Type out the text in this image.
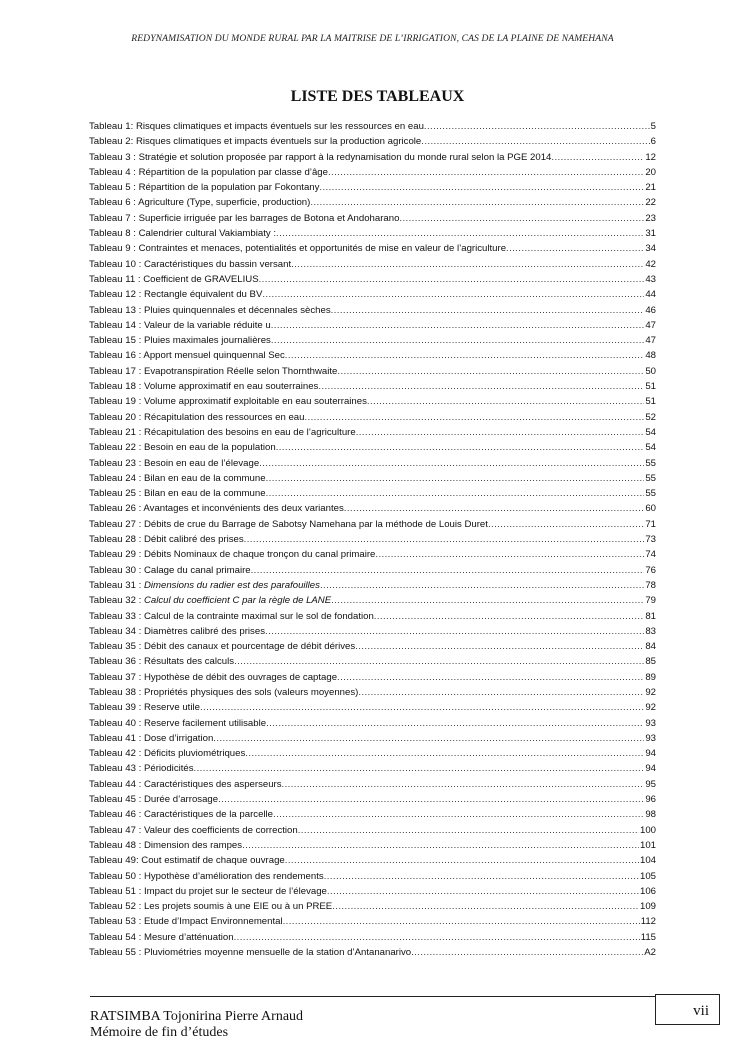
REDYNAMISATION DU MONDE RURAL PAR LA MAITRISE DE L’IRRIGATION, CAS DE LA PLAINE DE NAMEHANA
LISTE DES TABLEAUX
Tableau 1: Risques climatiques et impacts éventuels sur les ressources en eau .....	5
Tableau 2: Risques climatiques et impacts éventuels sur la production agricole .....	6
Tableau 3 : Stratégie et solution proposée par rapport à la redynamisation du monde rural selon la PGE 2014 .....	12
Tableau 4 : Répartition de la population par classe d’âge .....	20
Tableau 5 : Répartition de la population par Fokontany .....	21
Tableau 6 : Agriculture (Type, superficie, production) .....	22
Tableau 7 : Superficie irriguée par les barrages de Botona et Andoharano .....	23
Tableau 8 : Calendrier cultural Vakiambiaty : .....	31
Tableau 9 : Contraintes et menaces, potentialités et opportunités de mise en valeur de l’agriculture .....	34
Tableau 10 : Caractéristiques du bassin versant .....	42
Tableau 11 : Coefficient de GRAVELIUS .....	43
Tableau 12 : Rectangle équivalent du BV .....	44
Tableau 13 : Pluies quinquennales et décennales sèches .....	46
Tableau 14 : Valeur de la variable réduite u .....	47
Tableau 15 : Pluies maximales journalières .....	47
Tableau 16 : Apport mensuel quinquennal Sec .....	48
Tableau 17 : Evapotranspiration Réelle selon Thornthwaite .....	50
Tableau 18 : Volume approximatif en eau souterraines .....	51
Tableau 19 : Volume approximatif exploitable en eau souterraines .....	51
Tableau 20 : Récapitulation des ressources en eau .....	52
Tableau 21 : Récapitulation des besoins en eau de l’agriculture .....	54
Tableau 22 : Besoin en eau de la population .....	54
Tableau 23 : Besoin en eau de l’élevage .....	55
Tableau 24 : Bilan en eau de la commune .....	55
Tableau 25 : Bilan en eau de la commune .....	55
Tableau 26 : Avantages et inconvénients des deux variantes .....	60
Tableau 27 : Débits de crue du Barrage de Sabotsy Namehana par la méthode de Louis Duret .....	71
Tableau 28 : Débit calibré des prises .....	73
Tableau 29 : Débits Nominaux de chaque tronçon du canal primaire .....	74
Tableau 30 : Calage du canal primaire .....	76
Tableau 31 : Dimensions du radier est des parafouilles .....	78
Tableau 32 : Calcul du coefficient C par la règle de LANE .....	79
Tableau 33 : Calcul de la contrainte maximal sur le sol de fondation .....	81
Tableau 34 : Diamètres calibré des prises .....	83
Tableau 35 : Débit des canaux et pourcentage de débit dérives .....	84
Tableau 36 : Résultats des calculs .....	85
Tableau 37 : Hypothèse de débit des ouvrages de captage .....	89
Tableau 38 : Propriétés physiques des sols (valeurs moyennes) .....	92
Tableau 39 : Reserve utile .....	92
Tableau 40 : Reserve facilement utilisable .....	93
Tableau 41 : Dose d’irrigation .....	93
Tableau 42 : Déficits pluviométriques .....	94
Tableau 43 : Périodicités .....	94
Tableau 44 : Caractéristiques des asperseurs .....	95
Tableau 45 : Durée d’arrosage .....	96
Tableau 46 : Caractéristiques de la parcelle .....	98
Tableau 47 : Valeur des coefficients de correction .....	100
Tableau 48 : Dimension des rampes .....	101
Tableau 49: Cout estimatif de chaque ouvrage .....	104
Tableau 50 : Hypothèse d’amélioration des rendements .....	105
Tableau 51 : Impact du projet sur le secteur de l’élevage .....	106
Tableau 52 : Les projets soumis à une EIE ou à un PREE .....	109
Tableau 53 : Etude d’Impact Environnemental .....	112
Tableau 54 : Mesure d’atténuation .....	115
Tableau 55 : Pluviométries moyenne mensuelle de la station d’Antananarivo .....	A2
RATSIMBA Tojonirina Pierre Arnaud
Mémoire de fin d’études
vii
